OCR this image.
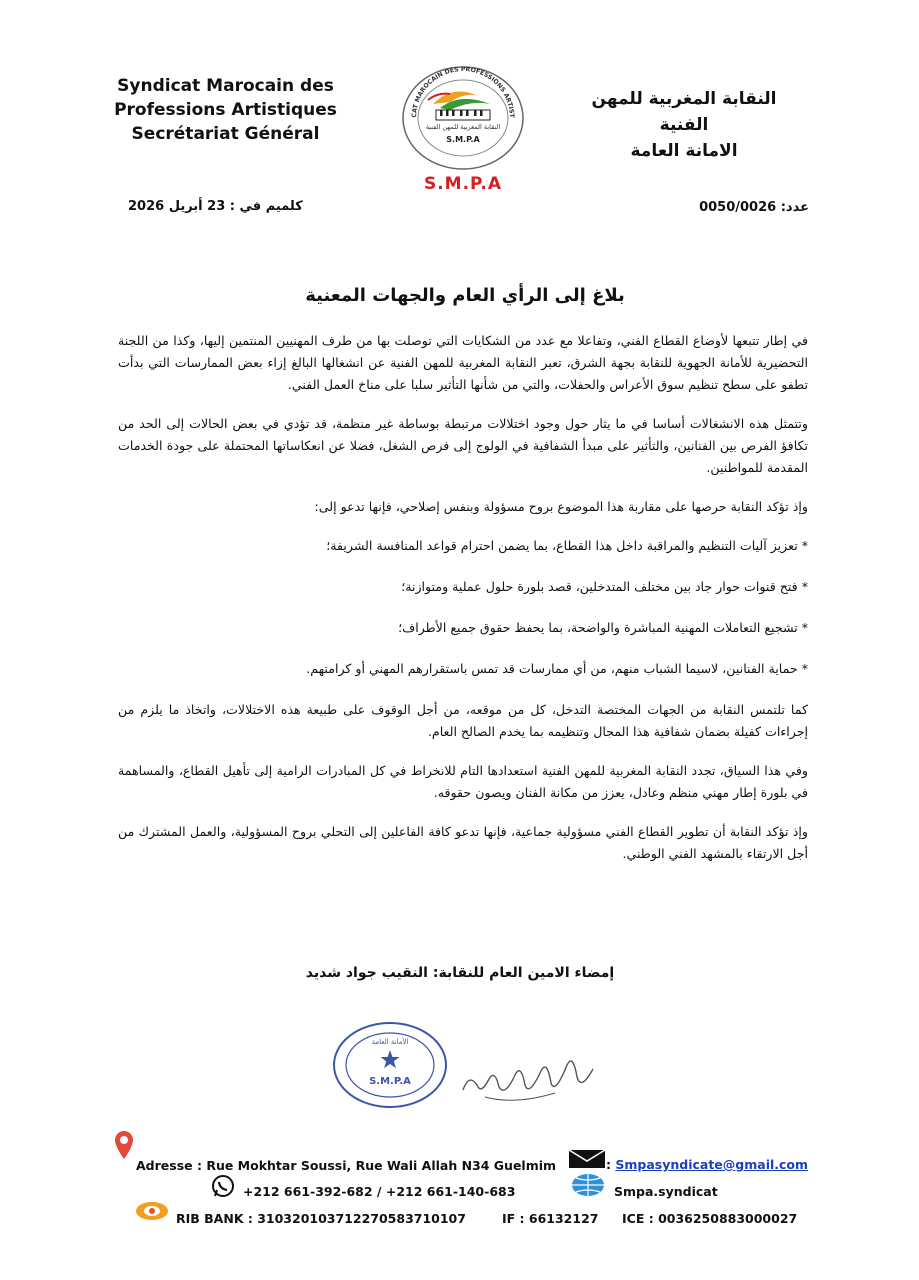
Syndicat Marocain des
Professions Artistiques
Secrétariat Général
CAT MAROCAIN DES PROFESSIONS ARTIST
النقابة المغربية للمهن الفنية
S.M.P.A
S.M.P.A
النقابة المغربية للمهن الفنية
الامانة العامة
كلميم في : 23 أبريل 2026	عدد: 0050/0026
بلاغ إلى الرأي العام والجهات المعنية

في إطار تتبعها لأوضاع القطاع الفني، وتفاعلا مع عدد من الشكايات التي توصلت بها من طرف المهنيين المنتمين إليها، وكذا من اللجنة التحضيرية للأمانة الجهوية للنقابة بجهة الشرق، تعبر النقابة المغربية للمهن الفنية عن انشغالها البالغ إزاء بعض الممارسات التي بدأت تطفو على سطح تنظيم سوق الأعراس والحفلات، والتي من شأنها التأثير سلبا على مناخ العمل الفني.

وتتمثل هذه الانشغالات أساسا في ما يثار حول وجود اختلالات مرتبطة بوساطة غير منظمة، قد تؤدي في بعض الحالات إلى الحد من تكافؤ الفرص بين الفنانين، والتأثير على مبدأ الشفافية في الولوج إلى فرص الشغل، فضلا عن انعكاساتها المحتملة على جودة الخدمات المقدمة للمواطنين.

وإذ تؤكد النقابة حرصها على مقاربة هذا الموضوع بروح مسؤولة وبنفس إصلاحي، فإنها تدعو إلى:

* تعزيز آليات التنظيم والمراقبة داخل هذا القطاع، بما يضمن احترام قواعد المنافسة الشريفة؛

* فتح قنوات حوار جاد بين مختلف المتدخلين، قصد بلورة حلول عملية ومتوازنة؛

* تشجيع التعاملات المهنية المباشرة والواضحة، بما يحفظ حقوق جميع الأطراف؛

* حماية الفنانين، لاسيما الشباب منهم، من أي ممارسات قد تمس باستقرارهم المهني أو كرامتهم.

كما تلتمس النقابة من الجهات المختصة التدخل، كل من موقعه، من أجل الوقوف على طبيعة هذه الاختلالات، واتخاذ ما يلزم من إجراءات كفيلة بضمان شفافية هذا المجال وتنظيمه بما يخدم الصالح العام.

وفي هذا السياق، تجدد النقابة المغربية للمهن الفنية استعدادها التام للانخراط في كل المبادرات الرامية إلى تأهيل القطاع، والمساهمة في بلورة إطار مهني منظم وعادل، يعزز من مكانة الفنان ويصون حقوقه.

وإذ تؤكد النقابة أن تطوير القطاع الفني مسؤولية جماعية، فإنها تدعو كافة الفاعلين إلى التحلي بروح المسؤولية، والعمل المشترك من أجل الارتقاء بالمشهد الفني الوطني.

إمضاء الامين العام للنقابة: النقيب جواد شديد
الأمانة العامة
S.M.P.A
Adresse : Rue Mokhtar Soussi, Rue Wali Allah N34 Guelmim	: Smpasyndicate@gmail.com
+212 661-392-682 / +212 661-140-683	Smpa.syndicat
RIB BANK : 310320103712270583710107	IF : 66132127 ICE : 0036250883000027
